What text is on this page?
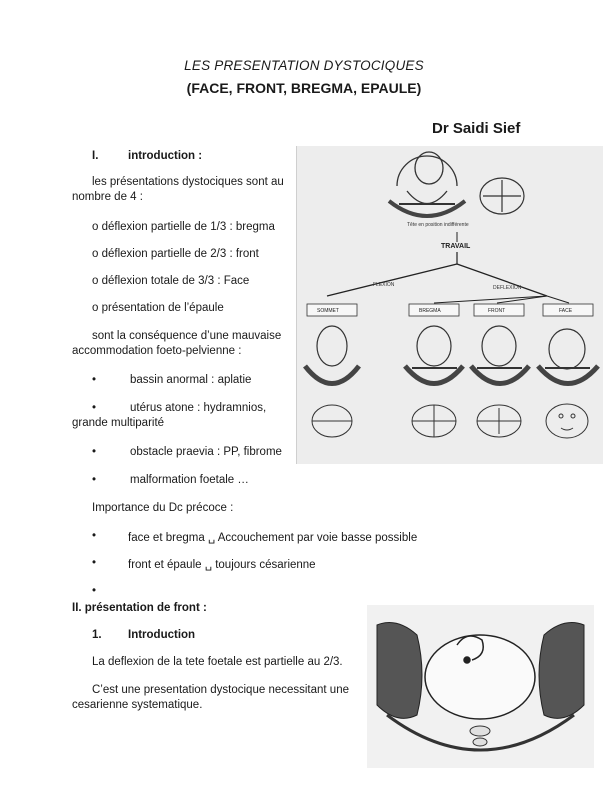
LES PRESENTATION DYSTOCIQUES
(FACE, FRONT, BREGMA, EPAULE)
Dr Saidi Sief
I.	introduction :
les présentations dystociques sont au
nombre de 4 :
o déflexion partielle de 1/3 : bregma
o déflexion partielle de 2/3 : front
o déflexion totale de 3/3 : Face
o présentation de l’épaule
sont la conséquence d’une mauvaise
accommodation foeto-pelvienne :
•	bassin anormal : aplatie
•	utérus atone : hydramnios,
grande multiparité
•	obstacle praevia : PP, fibrome
•	malformation foetale …
Importance du Dc précoce :
•	face et bregma ␣ Accouchement par voie basse possible
•	front et épaule ␣ toujours césarienne
•
II. présentation de front :
1. Introduction
La deflexion de la tete foetale est partielle au 2/3.
C’est une presentation dystocique necessitant une
cesarienne systematique.
Tête en position indifférente
TRAVAIL
FLEXION	DEFLEXION
SOMMET	BREGMA	FRONT	FACE
